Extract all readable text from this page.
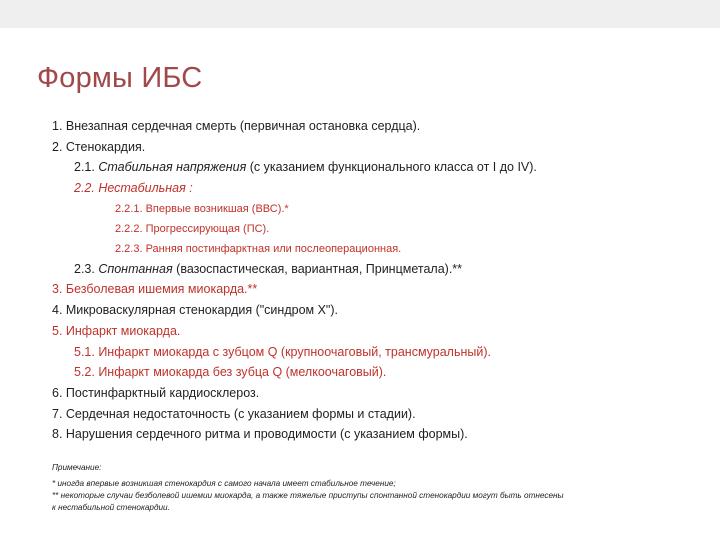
Формы ИБС
1. Внезапная сердечная смерть (первичная остановка сердца).
2. Стенокардия.
2.1. Стабильная напряжения (с указанием функционального класса от I до IV).
2.2. Нестабильная :
2.2.1. Впервые возникшая (ВВС).*
2.2.2. Прогрессирующая (ПС).
2.2.3. Ранняя постинфарктная или послеоперационная.
2.3. Спонтанная (вазоспастическая, вариантная, Принцметала).**
3. Безболевая ишемия миокарда.**
4. Микроваскулярная стенокардия ("синдром Х").
5. Инфаркт миокарда.
5.1. Инфаркт миокарда с зубцом Q (крупноочаговый, трансмуральный).
5.2. Инфаркт миокарда без зубца Q (мелкоочаговый).
6. Постинфарктный кардиосклероз.
7. Сердечная недостаточность (с указанием формы и стадии).
8. Нарушения сердечного ритма и проводимости (с указанием формы).
Примечание:
* иногда впервые возникшая стенокардия с самого начала имеет стабильное течение;
** некоторые случаи безболевой ишемии миокарда, а также тяжелые приступы спонтанной стенокардии могут быть отнесены
к нестабильной стенокардии.
